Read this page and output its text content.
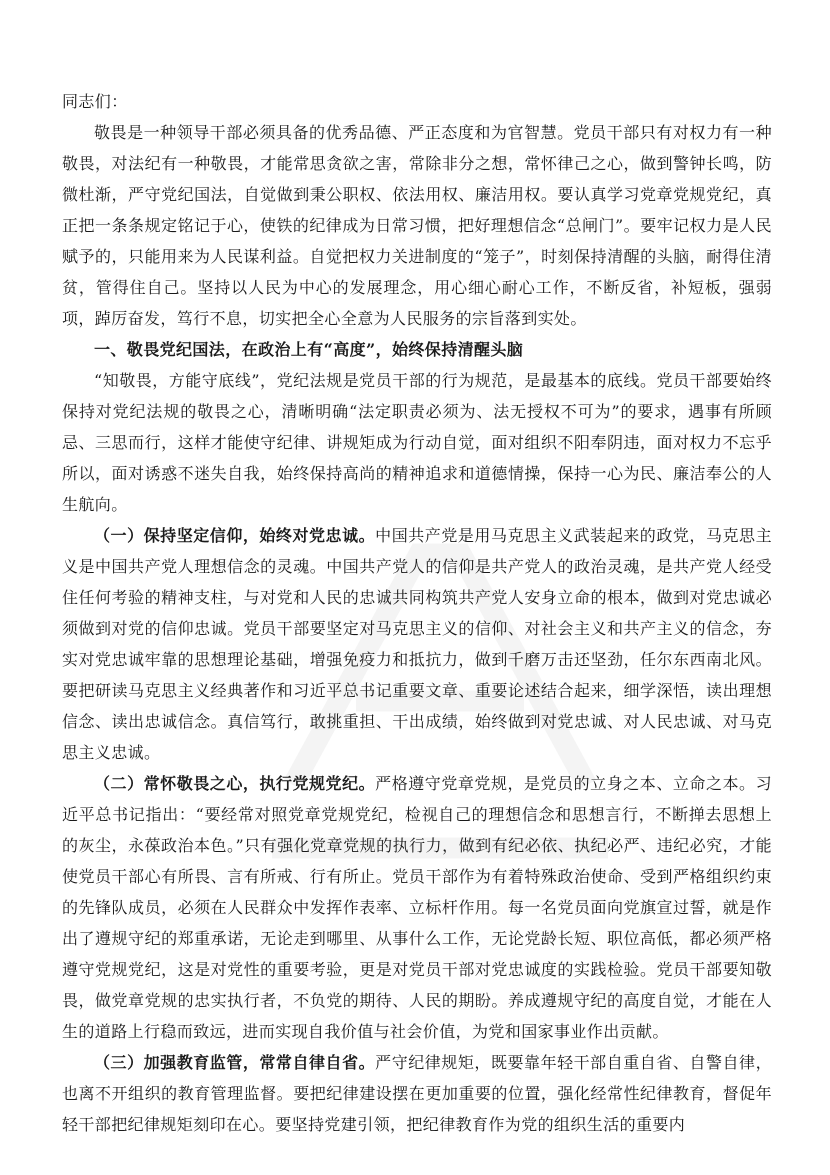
同志们：

敬畏是一种领导干部必须具备的优秀品德、严正态度和为官智慧。党员干部只有对权力有一种敬畏，对法纪有一种敬畏，才能常思贪欲之害，常除非分之想，常怀律己之心，做到警钟长鸣，防微杜渐，严守党纪国法，自觉做到秉公职权、依法用权、廉洁用权。要认真学习党章党规党纪，真正把一条条规定铭记于心，使铁的纪律成为日常习惯，把好理想信念“总闸门”。要牢记权力是人民赋予的，只能用来为人民谋利益。自觉把权力关进制度的“笼子”，时刻保持清醒的头脑，耐得住清贫，管得住自己。坚持以人民为中心的发展理念，用心细心耐心工作，不断反省，补短板，强弱项，踔厉奋发，笃行不息，切实把全心全意为人民服务的宗旨落到实处。

一、敬畏党纪国法，在政治上有“高度”，始终保持清醒头脑

“知敬畏，方能守底线”，党纪法规是党员干部的行为规范，是最基本的底线。党员干部要始终保持对党纪法规的敬畏之心，清晰明确“法定职责必须为、法无授权不可为”的要求，遇事有所顾忌、三思而行，这样才能使守纪律、讲规矩成为行动自觉，面对组织不阳奉阴违，面对权力不忘乎所以，面对诱惑不迷失自我，始终保持高尚的精神追求和道德情操，保持一心为民、廉洁奉公的人生航向。

（一）保持坚定信仰，始终对党忠诚。中国共产党是用马克思主义武装起来的政党，马克思主义是中国共产党人理想信念的灵魂。中国共产党人的信仰是共产党人的政治灵魂，是共产党人经受住任何考验的精神支柱，与对党和人民的忠诚共同构筑共产党人安身立命的根本，做到对党忠诚必须做到对党的信仰忠诚。党员干部要坚定对马克思主义的信仰、对社会主义和共产主义的信念，夯实对党忠诚牢靠的思想理论基础，增强免疫力和抵抗力，做到千磨万击还坚劲，任尔东西南北风。要把研读马克思主义经典著作和习近平总书记重要文章、重要论述结合起来，细学深悟，读出理想信念、读出忠诚信念。真信笃行，敢挑重担、干出成绩，始终做到对党忠诚、对人民忠诚、对马克思主义忠诚。

（二）常怀敬畏之心，执行党规党纪。严格遵守党章党规，是党员的立身之本、立命之本。习近平总书记指出：“要经常对照党章党规党纪，检视自己的理想信念和思想言行，不断掸去思想上的灰尘，永葆政治本色。”只有强化党章党规的执行力，做到有纪必依、执纪必严、违纪必究，才能使党员干部心有所畏、言有所戒、行有所止。党员干部作为有着特殊政治使命、受到严格组织约束的先锋队成员，必须在人民群众中发挥作表率、立标杆作用。每一名党员面向党旗宣过誓，就是作出了遵规守纪的郑重承诺，无论走到哪里、从事什么工作，无论党龄长短、职位高低，都必须严格遵守党规党纪，这是对党性的重要考验，更是对党员干部对党忠诚度的实践检验。党员干部要知敬畏，做党章党规的忠实执行者，不负党的期待、人民的期盼。养成遵规守纪的高度自觉，才能在人生的道路上行稳而致远，进而实现自我价值与社会价值，为党和国家事业作出贡献。

（三）加强教育监管，常常自律自省。严守纪律规矩，既要靠年轻干部自重自省、自警自律，也离不开组织的教育管理监督。要把纪律建设摆在更加重要的位置，强化经常性纪律教育，督促年轻干部把纪律规矩刻印在心。要坚持党建引领，把纪律教育作为党的组织生活的重要内
